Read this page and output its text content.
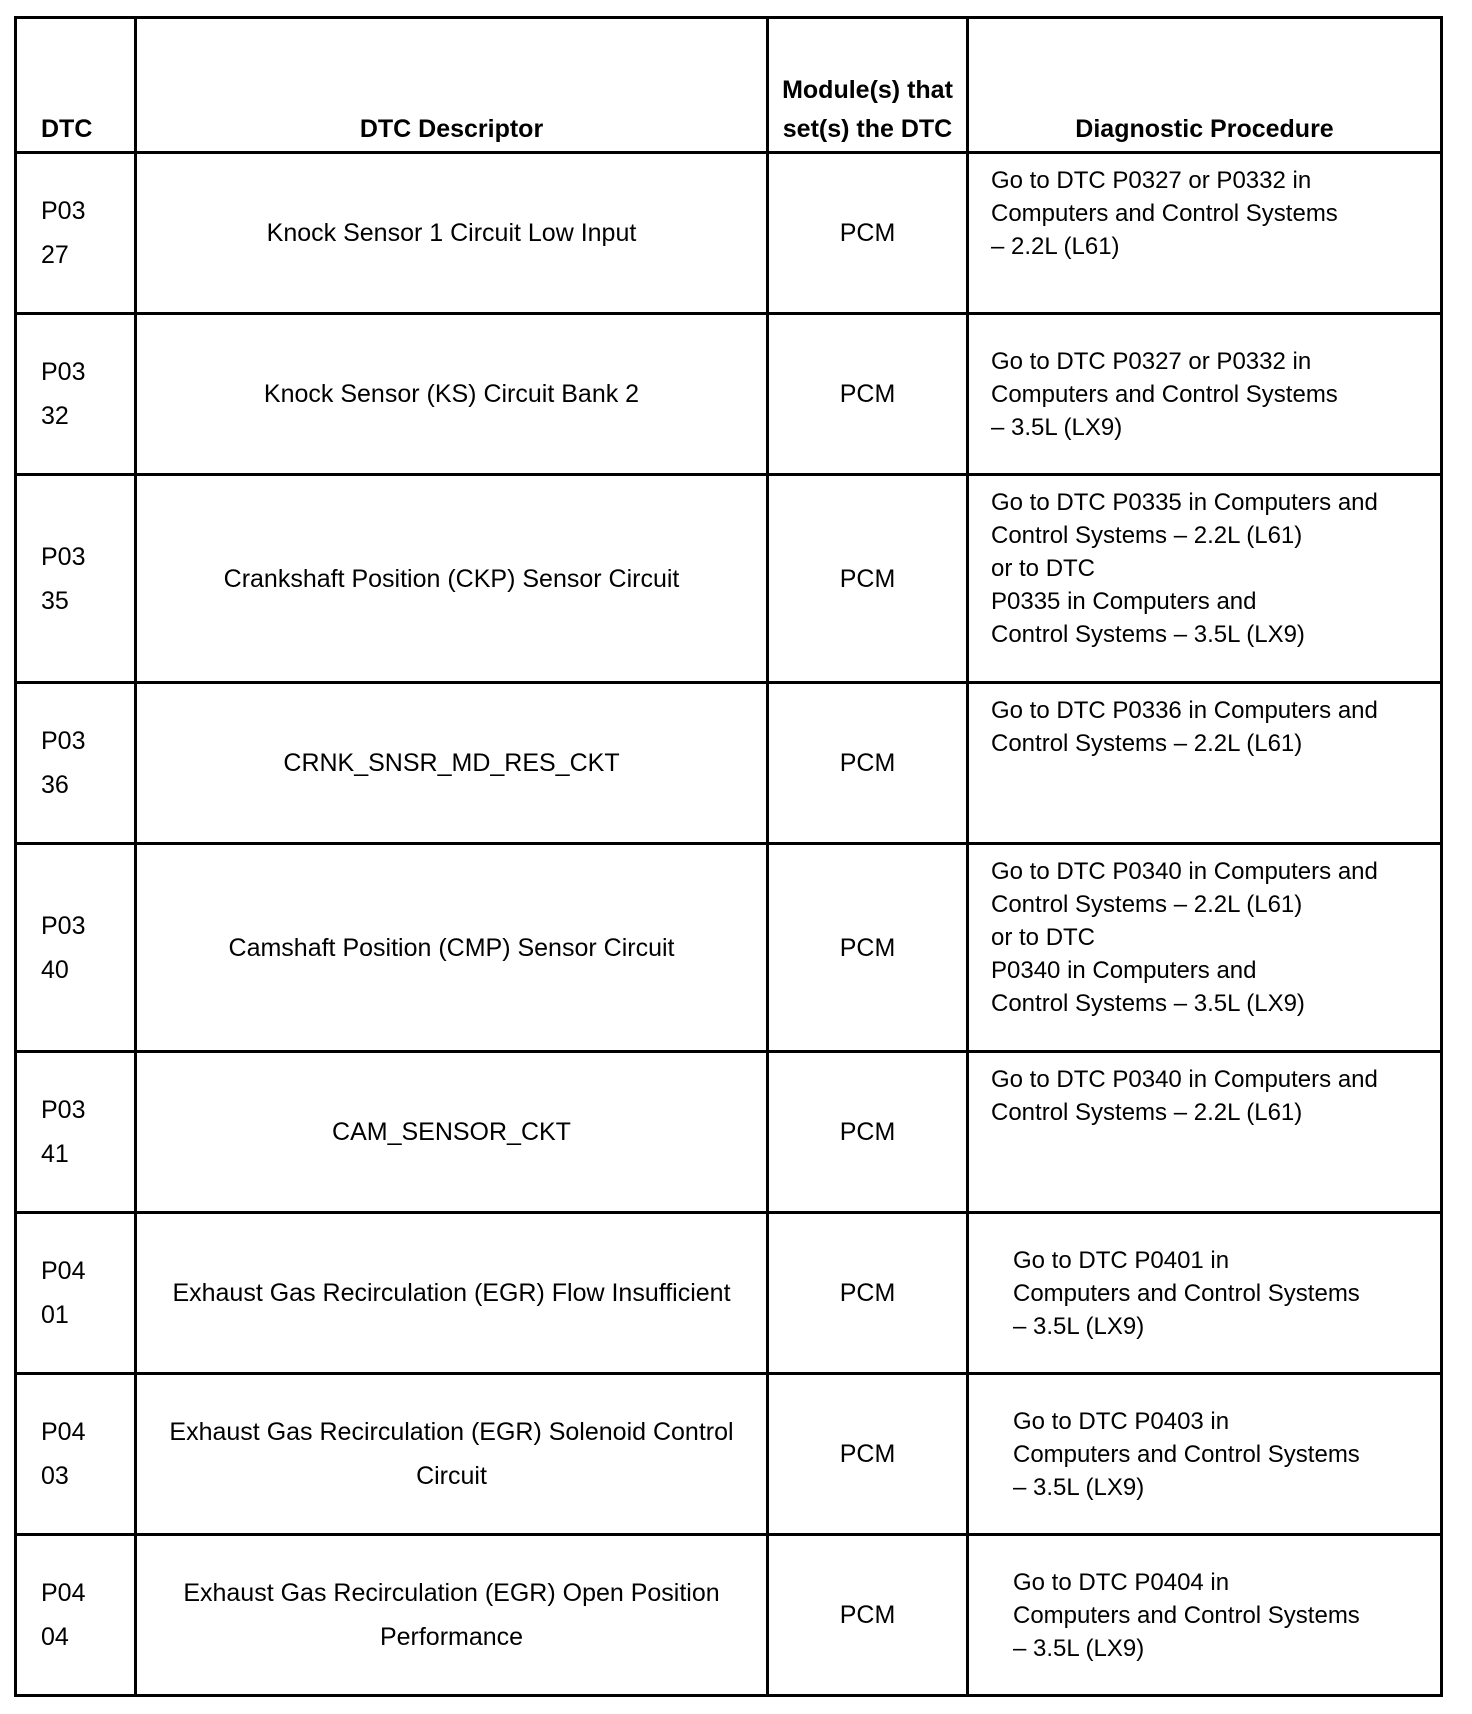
DTC	DTC Descriptor	Module(s) that set(s) the DTC	Diagnostic Procedure
P03
27	Knock Sensor 1 Circuit Low Input	PCM	Go to DTC P0327 or P0332 in
Computers and Control Systems
– 2.2L (L61)

P03
32	Knock Sensor (KS) Circuit Bank 2	PCM	Go to DTC P0327 or P0332 in
Computers and Control Systems
– 3.5L (LX9)

P03
35	Crankshaft Position (CKP) Sensor Circuit	PCM	Go to DTC P0335 in Computers and
Control Systems – 2.2L (L61)
or to DTC
P0335 in Computers and
Control Systems – 3.5L (LX9)

P03
36	CRNK_SNSR_MD_RES_CKT	PCM	Go to DTC P0336 in Computers and
Control Systems – 2.2L (L61)

P03
40	Camshaft Position (CMP) Sensor Circuit	PCM	Go to DTC P0340 in Computers and
Control Systems – 2.2L (L61)
or to DTC
P0340 in Computers and
Control Systems – 3.5L (LX9)

P03
41	CAM_SENSOR_CKT	PCM	Go to DTC P0340 in Computers and
Control Systems – 2.2L (L61)

P04
01	Exhaust Gas Recirculation (EGR) Flow Insufficient	PCM	Go to DTC P0401 in
Computers and Control Systems
– 3.5L (LX9)

P04
03	Exhaust Gas Recirculation (EGR) Solenoid Control Circuit	PCM	Go to DTC P0403 in
Computers and Control Systems
– 3.5L (LX9)

P04
04	Exhaust Gas Recirculation (EGR) Open Position Performance	PCM	Go to DTC P0404 in
Computers and Control Systems
– 3.5L (LX9)
